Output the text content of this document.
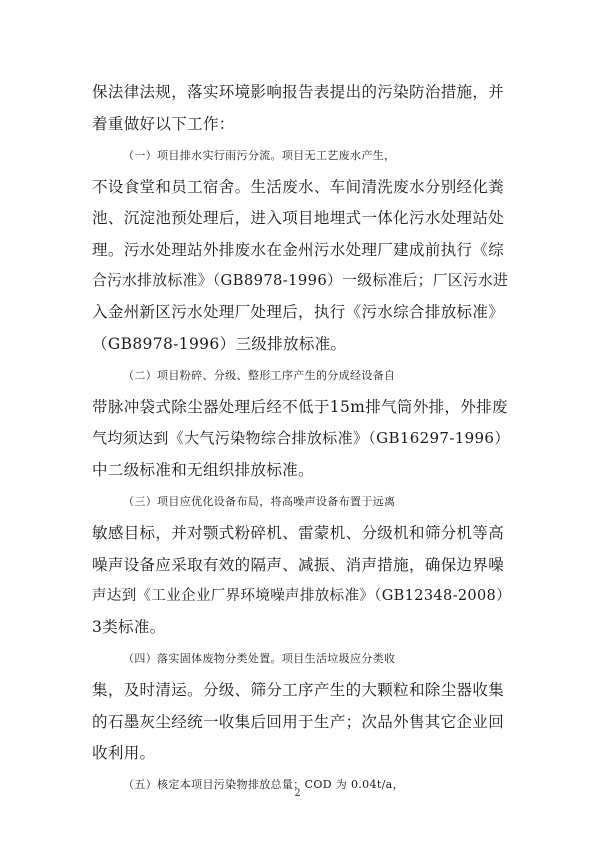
保法律法规，落实环境影响报告表提出的污染防治措施，并
着重做好以下工作：
（一）项目排水实行雨污分流。项目无工艺废水产生，
不设食堂和员工宿舍。生活废水、车间清洗废水分别经化粪
池、沉淀池预处理后，进入项目地埋式一体化污水处理站处
理。污水处理站外排废水在金州污水处理厂建成前执行《综
合污水排放标准》（GB8978-1996）一级标准后；厂区污水进
入金州新区污水处理厂处理后，执行《污水综合排放标准》
（GB8978-1996）三级排放标准。
（二）项目粉碎、分级、整形工序产生的分成经设备自
带脉冲袋式除尘器处理后经不低于15m排气筒外排，外排废
气均须达到《大气污染物综合排放标准》（GB16297-1996）
中二级标准和无组织排放标准。
（三）项目应优化设备布局，将高噪声设备布置于远离
敏感目标，并对颚式粉碎机、雷蒙机、分级机和筛分机等高
噪声设备应采取有效的隔声、减振、消声措施，确保边界噪
声达到《工业企业厂界环境噪声排放标准》（GB12348-2008）
3类标准。
（四）落实固体废物分类处置。项目生活垃圾应分类收
集，及时清运。分级、筛分工序产生的大颗粒和除尘器收集
的石墨灰尘经统一收集后回用于生产；次品外售其它企业回
收利用。
（五）核定本项目污染物排放总量：COD 为 0.04t/a，
2
